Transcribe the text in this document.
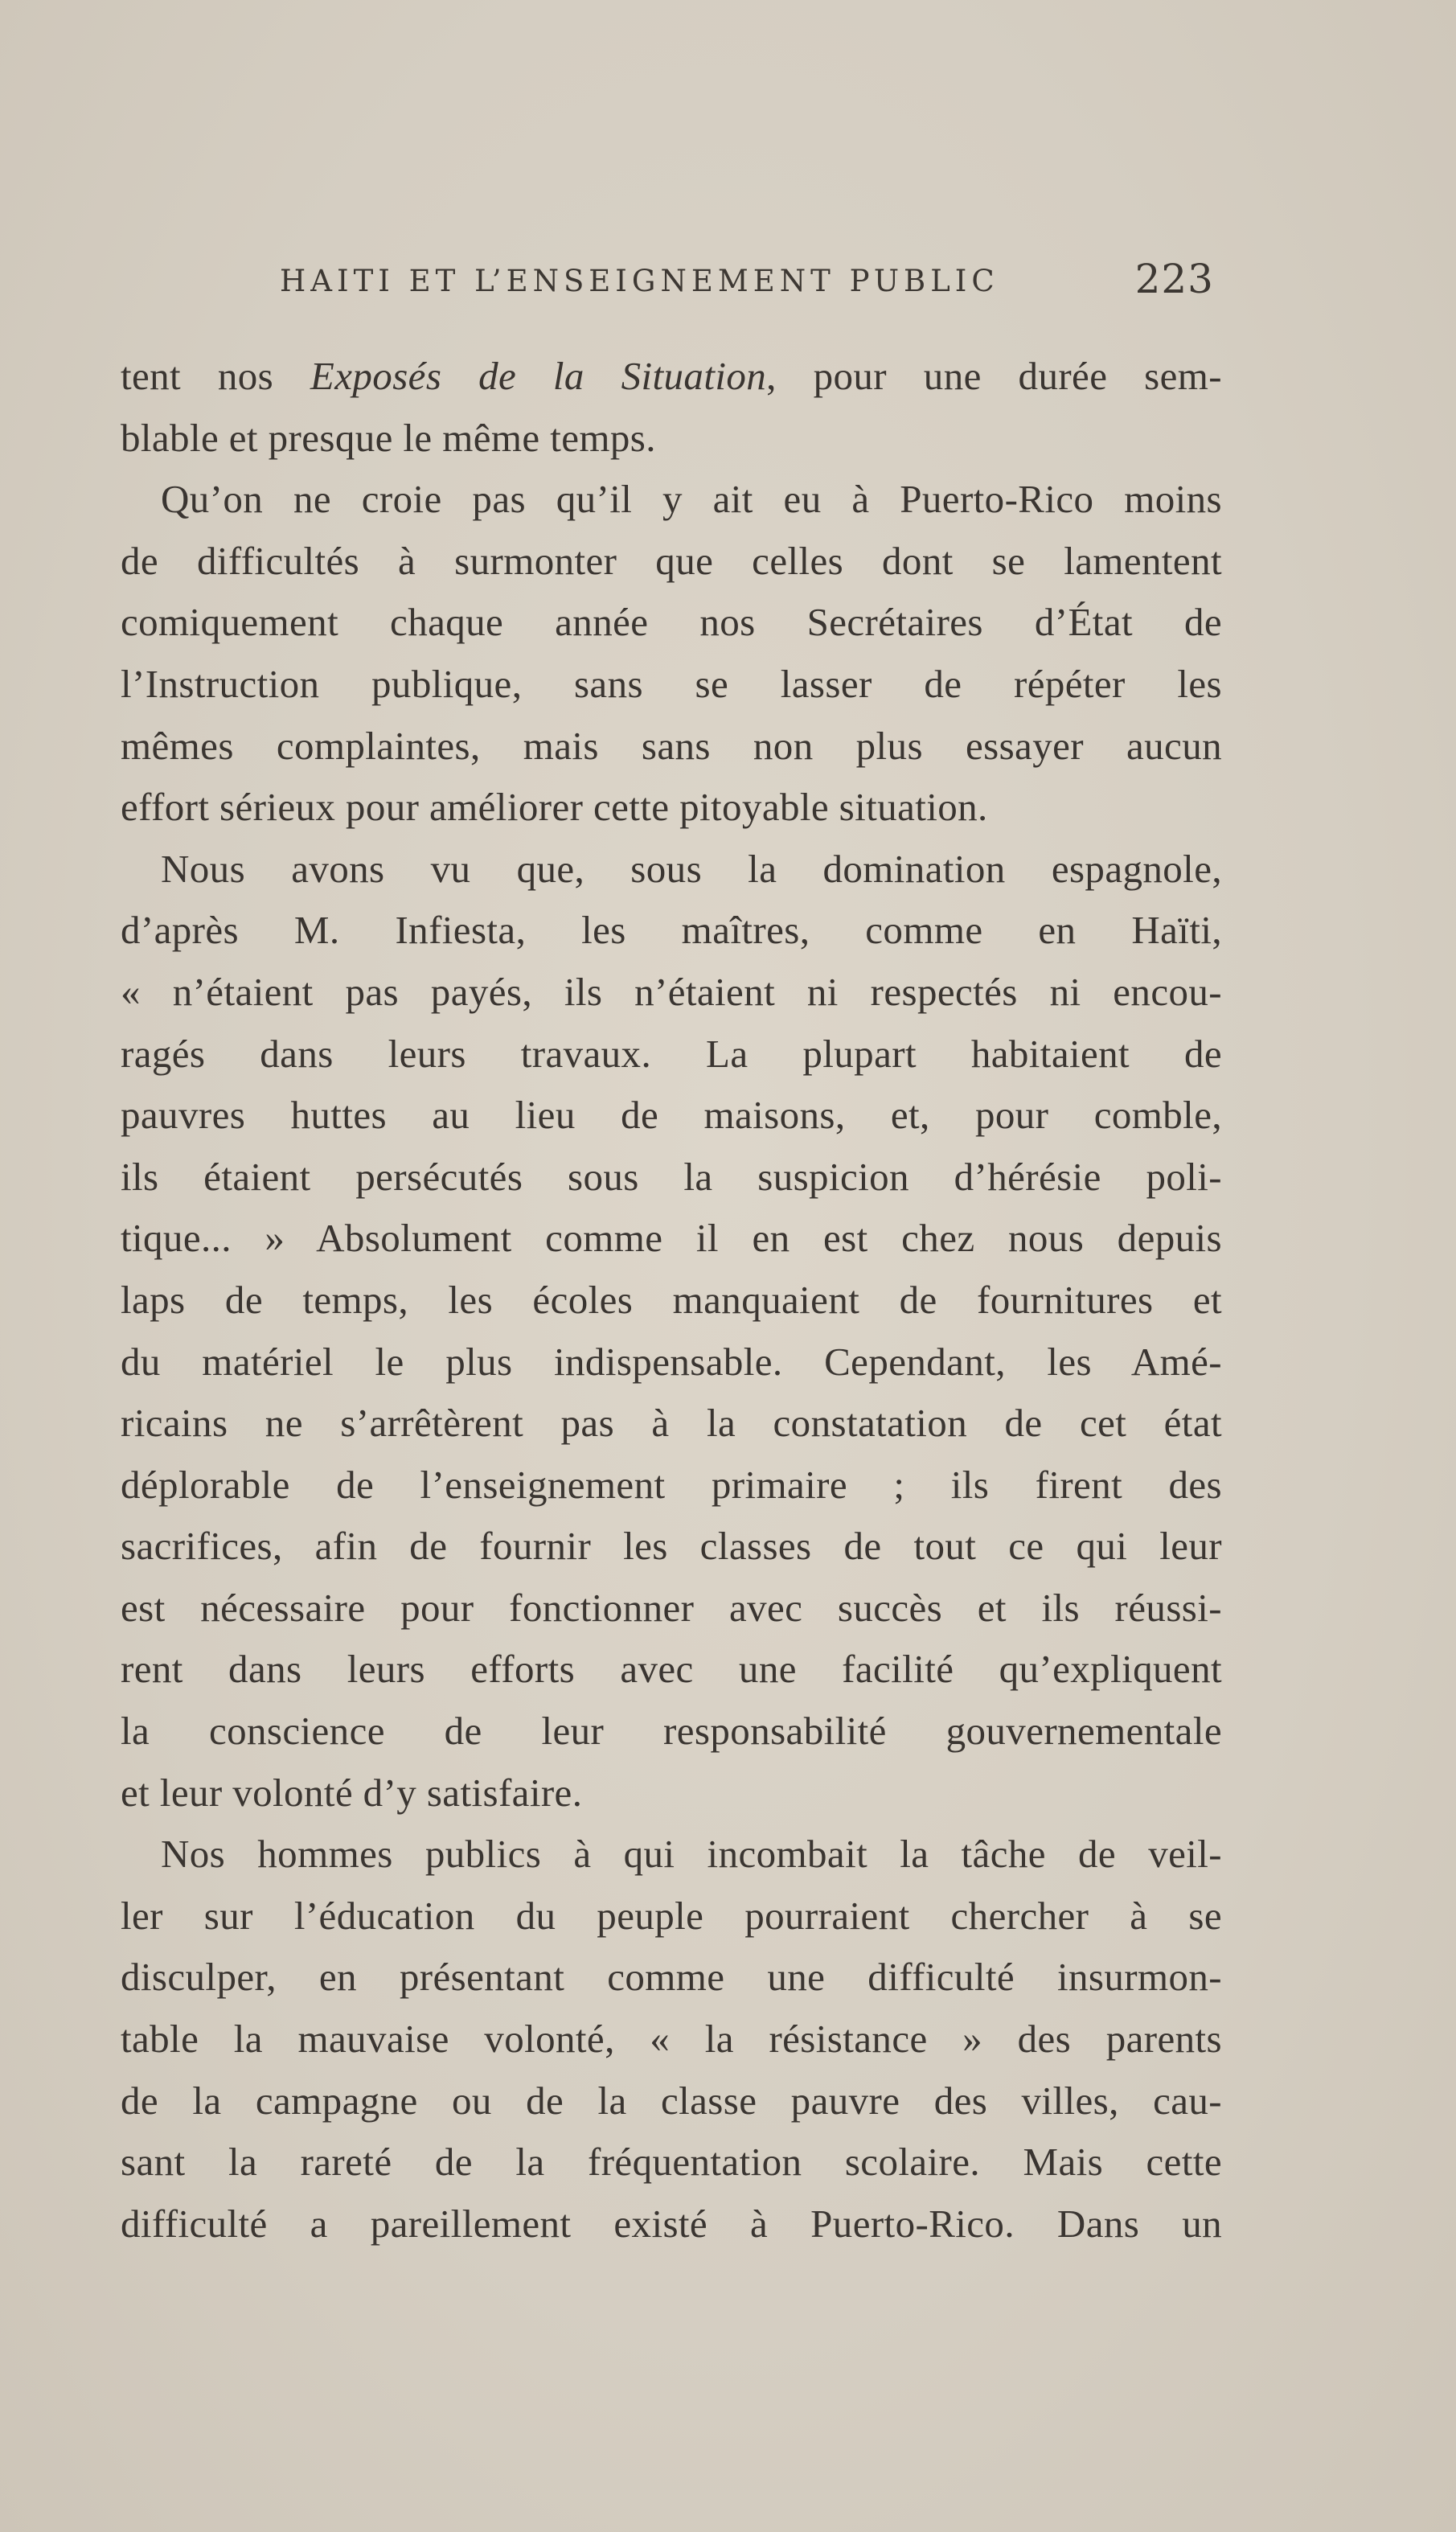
HAITI ET L’ENSEIGNEMENT PUBLIC	223
tent nos Exposés de la Situation, pour une durée sem-
blable et presque le même temps.
Qu’on ne croie pas qu’il y ait eu à Puerto-Rico moins
de difficultés à surmonter que celles dont se lamentent
comiquement chaque année nos Secrétaires d’État de
l’Instruction publique, sans se lasser de répéter les
mêmes complaintes, mais sans non plus essayer aucun
effort sérieux pour améliorer cette pitoyable situation.
Nous avons vu que, sous la domination espagnole,
d’après M. Infiesta, les maîtres, comme en Haïti,
« n’étaient pas payés, ils n’étaient ni respectés ni encou-
ragés dans leurs travaux. La plupart habitaient de
pauvres huttes au lieu de maisons, et, pour comble,
ils étaient persécutés sous la suspicion d’hérésie poli-
tique... » Absolument comme il en est chez nous depuis
laps de temps, les écoles manquaient de fournitures et
du matériel le plus indispensable. Cependant, les Amé-
ricains ne s’arrêtèrent pas à la constatation de cet état
déplorable de l’enseignement primaire ; ils firent des
sacrifices, afin de fournir les classes de tout ce qui leur
est nécessaire pour fonctionner avec succès et ils réussi-
rent dans leurs efforts avec une facilité qu’expliquent
la conscience de leur responsabilité gouvernementale
et leur volonté d’y satisfaire.
Nos hommes publics à qui incombait la tâche de veil-
ler sur l’éducation du peuple pourraient chercher à se
disculper, en présentant comme une difficulté insurmon-
table la mauvaise volonté, « la résistance » des parents
de la campagne ou de la classe pauvre des villes, cau-
sant la rareté de la fréquentation scolaire. Mais cette
difficulté a pareillement existé à Puerto-Rico. Dans un
